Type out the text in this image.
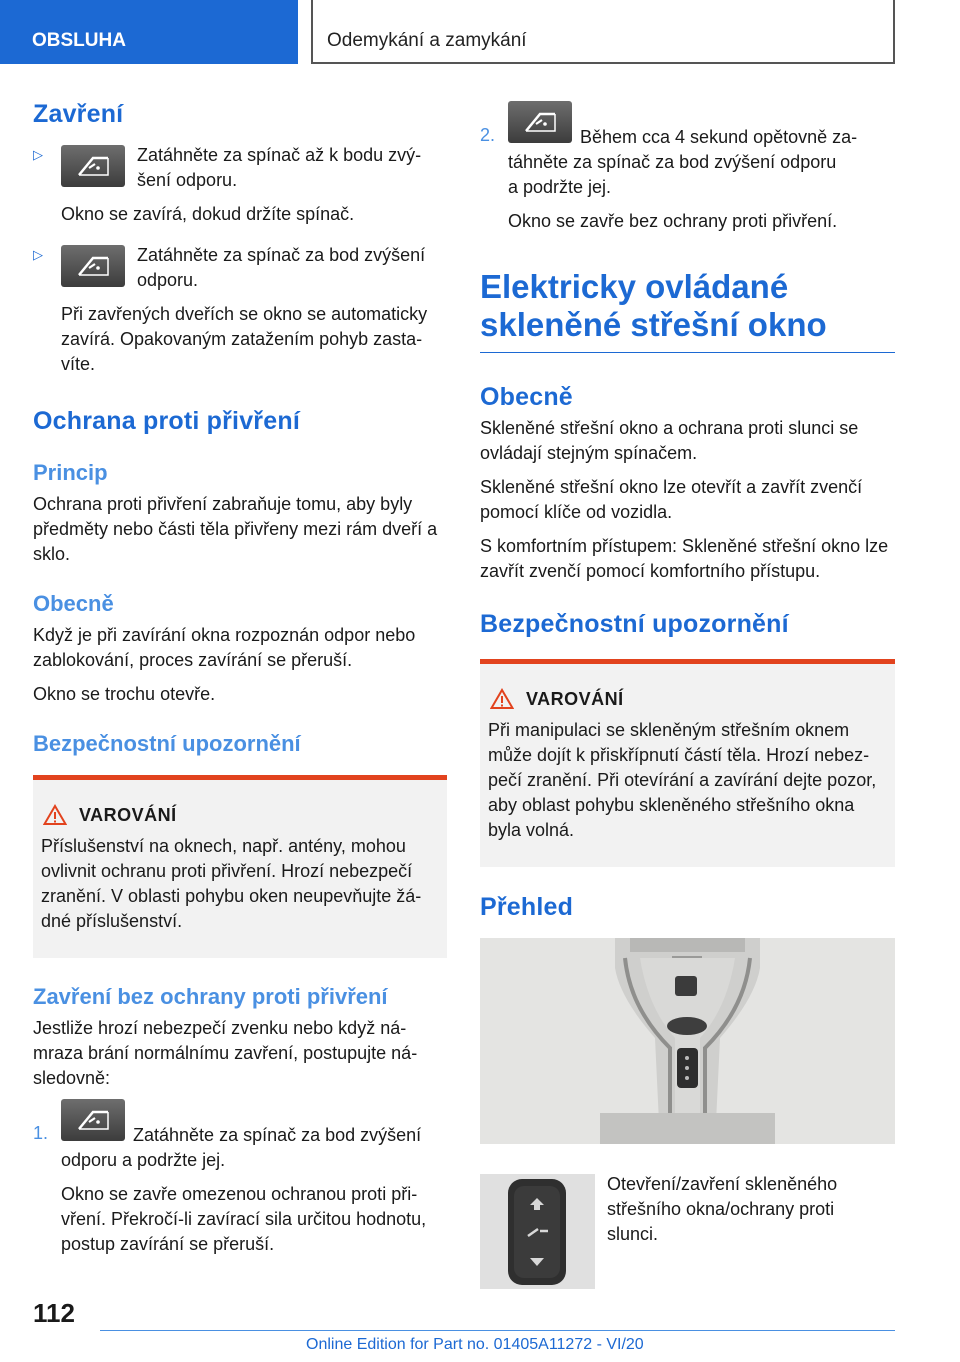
OBSLUHA	Odemykání a zamykání
Zavření
▷	Zatáhněte za spínač až k bodu zvý-

šení odporu.

Okno se zavírá, dokud držíte spínač.

▷	Zatáhněte za spínač za bod zvýšení

odporu.

Při zavřených dveřích se okno se automaticky zavírá. Opakovaným zatažením pohyb zasta-víte.

Ochrana proti přivření
Princip

Ochrana proti přivření zabraňuje tomu, aby byly předměty nebo části těla přivřeny mezi rám dveří a sklo.

Obecně

Když je při zavírání okna rozpoznán odpor nebo zablokování, proces zavírání se přeruší.

Okno se trochu otevře.

Bezpečnostní upozornění
VAROVÁNÍ

Příslušenství na oknech, např. antény, mohou ovlivnit ochranu proti přivření. Hrozí nebezpečí zranění. V oblasti pohybu oken neupevňujte žá-dné příslušenství.

Zavření bez ochrany proti přivření

Jestliže hrozí nebezpečí zvenku nebo když ná-mraza brání normálnímu zavření, postupujte ná-sledovně:

1.	Zatáhněte za spínač za bod zvýšení

odporu a podržte jej.

Okno se zavře omezenou ochranou proti při-vření. Překročí-li zavírací sila určitou hodnotu, postup zavírání se přeruší.

2.	Během cca 4 sekund opětovně za-

táhněte za spínač za bod zvýšení odporu

a podržte jej.

Okno se zavře bez ochrany proti přivření.

Elektricky ovládané
skleněné střešní okno
Obecně

Skleněné střešní okno a ochrana proti slunci se ovládají stejným spínačem.

Skleněné střešní okno lze otevřít a zavřít zvenčí pomocí klíče od vozidla.

S komfortním přístupem: Skleněné střešní okno lze zavřít zvenčí pomocí komfortního přístupu.

Bezpečnostní upozornění
VAROVÁNÍ

Při manipulaci se skleněným střešním oknem může dojít k přiskřípnutí částí těla. Hrozí nebez-pečí zranění. Při otevírání a zavírání dejte pozor, aby oblast pohybu skleněného střešního okna byla volná.

Přehled

Otevření/zavření skleněného střešního okna/ochrany proti slunci.

112
Online Edition for Part no. 01405A11272 - VI/20
